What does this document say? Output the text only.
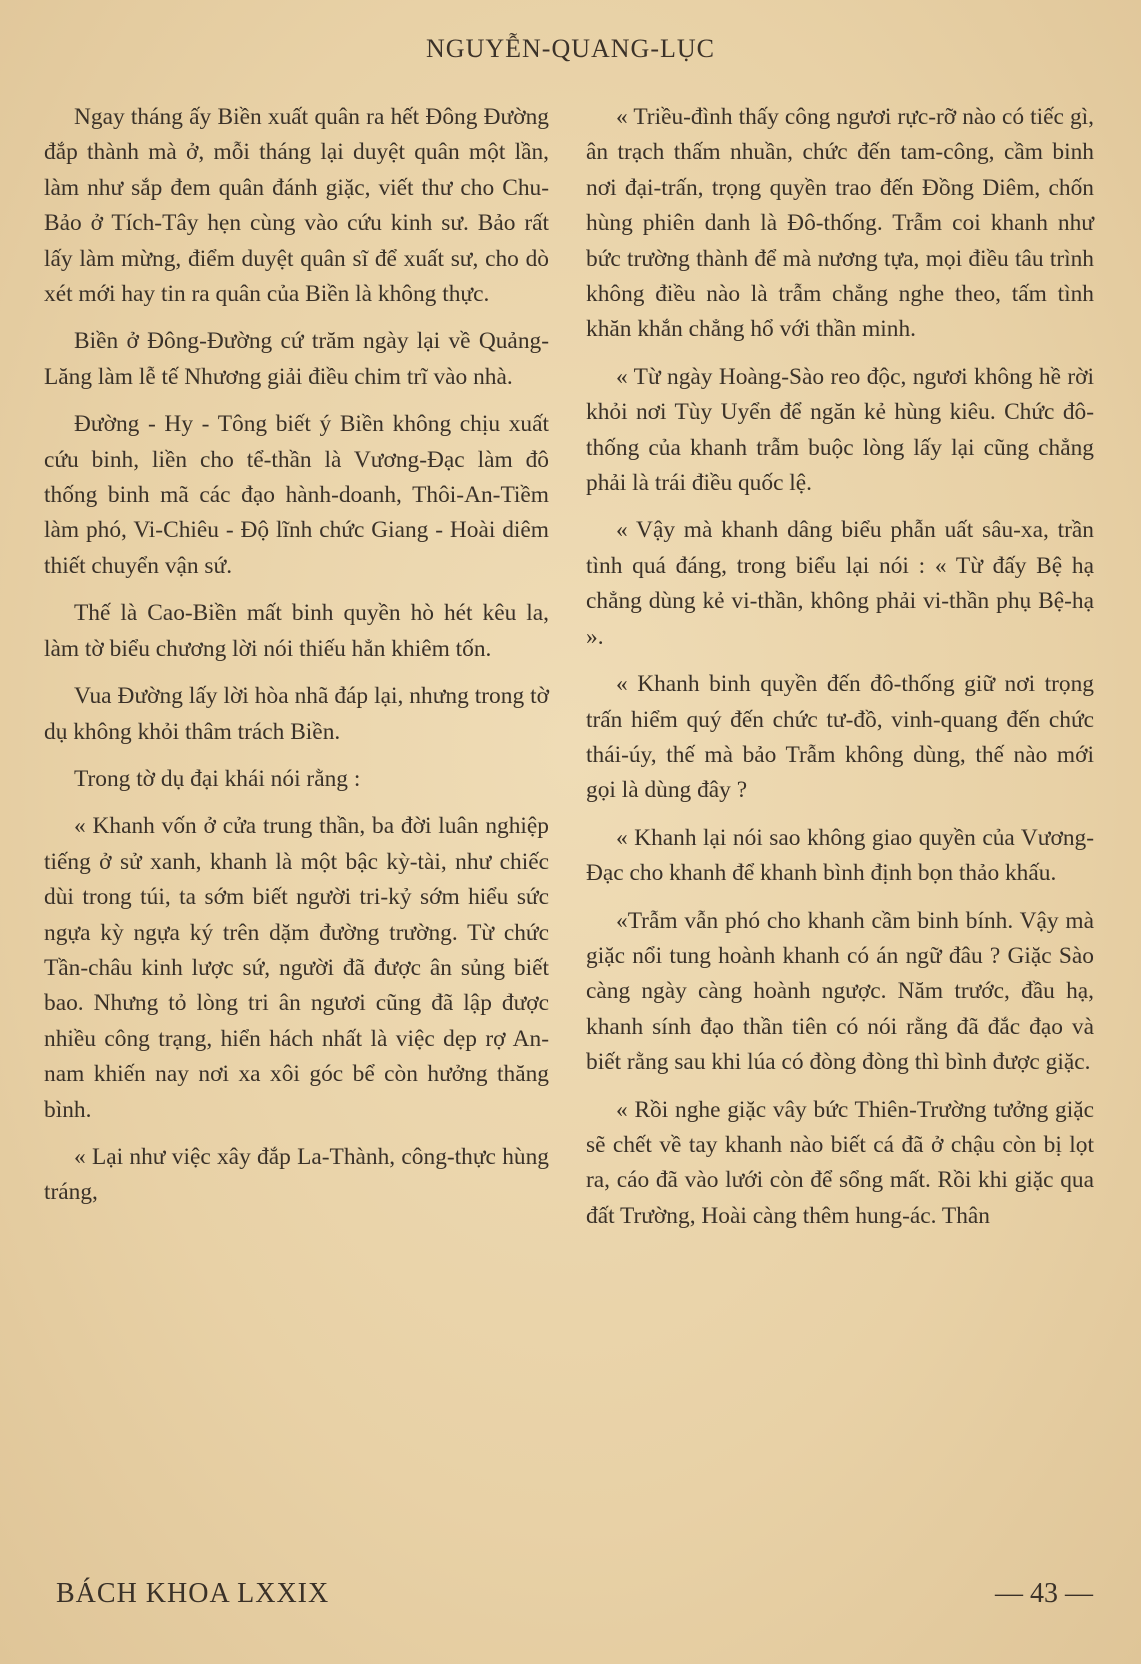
NGUYỄN-QUANG-LỤC

Ngay tháng ấy Biền xuất quân ra hết Đông Đường đắp thành mà ở, mỗi tháng lại duyệt quân một lần, làm như sắp đem quân đánh giặc, viết thư cho Chu-Bảo ở Tích-Tây hẹn cùng vào cứu kinh sư. Bảo rất lấy làm mừng, điểm duyệt quân sĩ để xuất sư, cho dò xét mới hay tin ra quân của Biền là không thực.

Biền ở Đông-Đường cứ trăm ngày lại về Quảng-Lăng làm lễ tế Nhương giải điều chim trĩ vào nhà.

Đường - Hy - Tông biết ý Biền không chịu xuất cứu binh, liền cho tể-thần là Vương-Đạc làm đô thống binh mã các đạo hành-doanh, Thôi-An-Tiềm làm phó, Vi-Chiêu - Độ lĩnh chức Giang - Hoài diêm thiết chuyển vận sứ.

Thế là Cao-Biền mất binh quyền hò hét kêu la, làm tờ biểu chương lời nói thiếu hẳn khiêm tốn.

Vua Đường lấy lời hòa nhã đáp lại, nhưng trong tờ dụ không khỏi thâm trách Biền.

Trong tờ dụ đại khái nói rằng :

« Khanh vốn ở cửa trung thần, ba đời luân nghiệp tiếng ở sử xanh, khanh là một bậc kỳ-tài, như chiếc dùi trong túi, ta sớm biết người tri-kỷ sớm hiểu sức ngựa kỳ ngựa ký trên dặm đường trường. Từ chức Tần-châu kinh lược sứ, người đã được ân sủng biết bao. Nhưng tỏ lòng tri ân ngươi cũng đã lập được nhiều công trạng, hiển hách nhất là việc dẹp rợ An-nam khiến nay nơi xa xôi góc bể còn hưởng thăng bình.

« Lại như việc xây đắp La-Thành, công-thực hùng tráng,

« Triều-đình thấy công ngươi rực-rỡ nào có tiếc gì, ân trạch thấm nhuần, chức đến tam-công, cầm binh nơi đại-trấn, trọng quyền trao đến Đồng Diêm, chốn hùng phiên danh là Đô-thống. Trẫm coi khanh như bức trường thành để mà nương tựa, mọi điều tâu trình không điều nào là trẫm chẳng nghe theo, tấm tình khăn khắn chẳng hổ với thần minh.

« Từ ngày Hoàng-Sào reo độc, ngươi không hề rời khỏi nơi Tùy Uyển để ngăn kẻ hùng kiêu. Chức đô-thống của khanh trẫm buộc lòng lấy lại cũng chẳng phải là trái điều quốc lệ.

« Vậy mà khanh dâng biểu phẫn uất sâu-xa, trần tình quá đáng, trong biểu lại nói : « Từ đấy Bệ hạ chẳng dùng kẻ vi-thần, không phải vi-thần phụ Bệ-hạ ».

« Khanh binh quyền đến đô-thống giữ nơi trọng trấn hiểm quý đến chức tư-đồ, vinh-quang đến chức thái-úy, thế mà bảo Trẫm không dùng, thế nào mới gọi là dùng đây ?

« Khanh lại nói sao không giao quyền của Vương-Đạc cho khanh để khanh bình định bọn thảo khấu.

«Trẫm vẫn phó cho khanh cầm binh bính. Vậy mà giặc nổi tung hoành khanh có án ngữ đâu ? Giặc Sào càng ngày càng hoành ngược. Năm trước, đầu hạ, khanh sính đạo thần tiên có nói rằng đã đắc đạo và biết rằng sau khi lúa có đòng đòng thì bình được giặc.

« Rồi nghe giặc vây bức Thiên-Trường tưởng giặc sẽ chết về tay khanh nào biết cá đã ở chậu còn bị lọt ra, cáo đã vào lưới còn để sổng mất. Rồi khi giặc qua đất Trường, Hoài càng thêm hung-ác. Thân

BÁCH KHOA LXXIX	— 43 —
